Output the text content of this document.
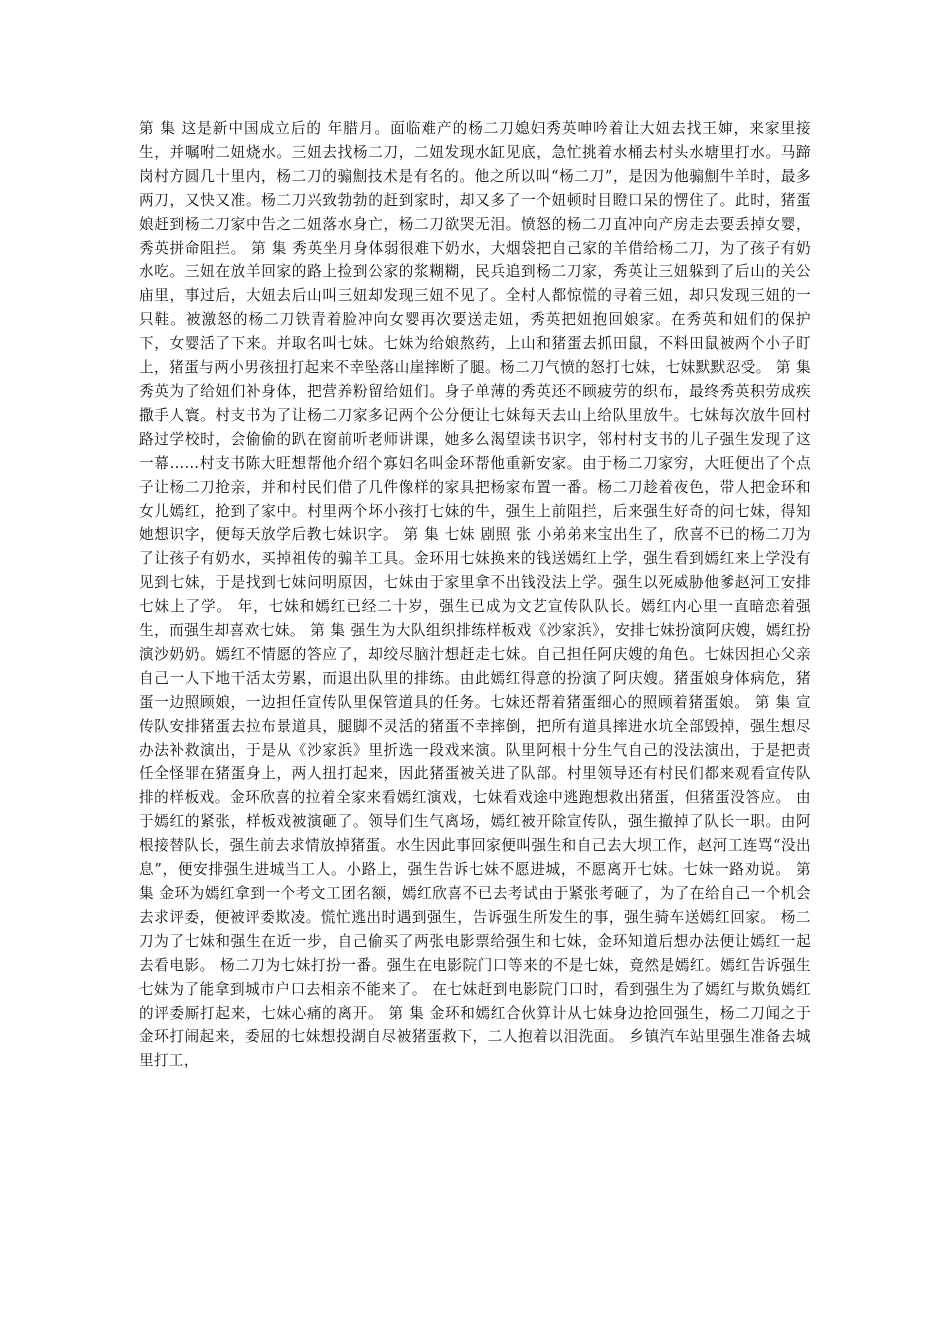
第 集 这是新中国成立后的 年腊月。面临难产的杨二刀媳妇秀英呻吟着让大妞去找王婶，来家里接生，并嘱咐二妞烧水。三妞去找杨二刀，二妞发现水缸见底，急忙挑着水桶去村头水塘里打水。马蹄岗村方圆几十里内，杨二刀的骟劁技术是有名的。他之所以叫“杨二刀”，是因为他骟劁牛羊时，最多两刀，又快又准。杨二刀兴致勃勃的赶到家时，却又多了一个妞顿时目瞪口呆的愣住了。此时，猪蛋娘赶到杨二刀家中告之二妞落水身亡，杨二刀欲哭无泪。愤怒的杨二刀直冲向产房走去要丢掉女婴，秀英拼命阻拦。 第 集 秀英坐月身体弱很难下奶水，大烟袋把自己家的羊借给杨二刀，为了孩子有奶水吃。三妞在放羊回家的路上捡到公家的浆糊糊，民兵追到杨二刀家，秀英让三妞躲到了后山的关公庙里，事过后，大妞去后山叫三妞却发现三妞不见了。全村人都惊慌的寻着三妞，却只发现三妞的一只鞋。被激怒的杨二刀铁青着脸冲向女婴再次要送走妞，秀英把妞抱回娘家。在秀英和妞们的保护下，女婴活了下来。并取名叫七妹。七妹为给娘熬药，上山和猪蛋去抓田鼠，不料田鼠被两个小子盯上，猪蛋与两小男孩扭打起来不幸坠落山崖摔断了腿。杨二刀气愤的怒打七妹，七妹默默忍受。 第 集 秀英为了给妞们补身体，把营养粉留给妞们。身子单薄的秀英还不顾疲劳的织布，最终秀英积劳成疾撒手人寰。村支书为了让杨二刀家多记两个公分便让七妹每天去山上给队里放牛。七妹每次放牛回村路过学校时，会偷偷的趴在窗前听老师讲课，她多么渴望读书识字，邻村村支书的儿子强生发现了这一幕……村支书陈大旺想帮他介绍个寡妇名叫金环帮他重新安家。由于杨二刀家穷，大旺便出了个点子让杨二刀抢亲，并和村民们借了几件像样的家具把杨家布置一番。杨二刀趁着夜色，带人把金环和女儿嫣红，抢到了家中。村里两个坏小孩打七妹的牛，强生上前阻拦，后来强生好奇的问七妹，得知她想识字，便每天放学后教七妹识字。 第 集 七妹 剧照 张 小弟弟来宝出生了，欣喜不已的杨二刀为了让孩子有奶水，买掉祖传的骟羊工具。金环用七妹换来的钱送嫣红上学，强生看到嫣红来上学没有见到七妹，于是找到七妹问明原因，七妹由于家里拿不出钱没法上学。强生以死威胁他爹赵河工安排七妹上了学。 年，七妹和嫣红已经二十岁，强生已成为文艺宣传队队长。嫣红内心里一直暗恋着强生，而强生却喜欢七妹。 第 集 强生为大队组织排练样板戏《沙家浜》，安排七妹扮演阿庆嫂，嫣红扮演沙奶奶。嫣红不情愿的答应了，却绞尽脑汁想赶走七妹。自己担任阿庆嫂的角色。七妹因担心父亲自己一人下地干活太劳累，而退出队里的排练。由此嫣红得意的扮演了阿庆嫂。猪蛋娘身体病危，猪蛋一边照顾娘，一边担任宣传队里保管道具的任务。七妹还帮着猪蛋细心的照顾着猪蛋娘。 第 集 宣传队安排猪蛋去拉布景道具，腿脚不灵活的猪蛋不幸摔倒，把所有道具摔进水坑全部毁掉，强生想尽办法补救演出，于是从《沙家浜》里折选一段戏来演。队里阿根十分生气自己的没法演出，于是把责任全怪罪在猪蛋身上，两人扭打起来，因此猪蛋被关进了队部。村里领导还有村民们都来观看宣传队排的样板戏。金环欣喜的拉着全家来看嫣红演戏，七妹看戏途中逃跑想救出猪蛋，但猪蛋没答应。 由于嫣红的紧张，样板戏被演砸了。领导们生气离场，嫣红被开除宣传队，强生撤掉了队长一职。由阿根接替队长，强生前去求情放掉猪蛋。水生因此事回家便叫强生和自己去大坝工作，赵河工连骂“没出息”，便安排强生进城当工人。小路上，强生告诉七妹不愿进城，不愿离开七妹。七妹一路劝说。 第 集 金环为嫣红拿到一个考文工团名额，嫣红欣喜不已去考试由于紧张考砸了，为了在给自己一个机会去求评委，便被评委欺凌。慌忙逃出时遇到强生，告诉强生所发生的事，强生骑车送嫣红回家。 杨二刀为了七妹和强生在近一步，自己偷买了两张电影票给强生和七妹，金环知道后想办法便让嫣红一起去看电影。 杨二刀为七妹打扮一番。强生在电影院门口等来的不是七妹，竟然是嫣红。嫣红告诉强生七妹为了能拿到城市户口去相亲不能来了。 在七妹赶到电影院门口时，看到强生为了嫣红与欺负嫣红的评委厮打起来，七妹心痛的离开。 第 集 金环和嫣红合伙算计从七妹身边抢回强生，杨二刀闻之于金环打闹起来，委屈的七妹想投湖自尽被猪蛋救下，二人抱着以泪洗面。 乡镇汽车站里强生准备去城里打工，
